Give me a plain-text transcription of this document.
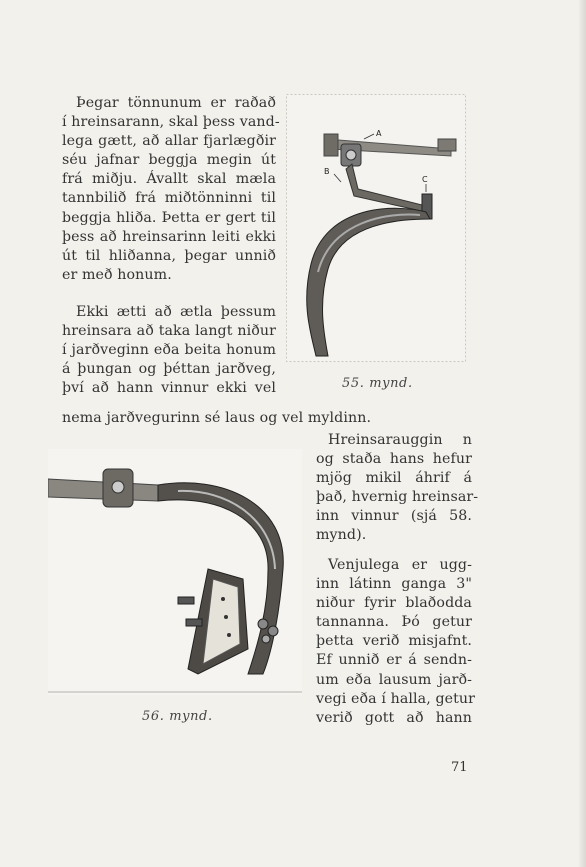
Þegar tönnunum er raðað
í hreinsarann, skal þess vand-
lega gætt, að allar fjarlægðir
séu jafnar beggja megin út
frá miðju. Ávallt skal mæla
tannbilið frá miðtönninni til
beggja hliða. Þetta er gert til
þess að hreinsarinn leiti ekki
út til hliðanna, þegar unnið
er með honum.
Ekki ætti að ætla þessum
hreinsara að taka langt niður
í jarðveginn eða beita honum
á þungan og þéttan jarðveg,
því að hann vinnur ekki vel
nema jarðvegurinn sé laus og vel myldinn.
A
B
C
55. mynd.
56. mynd.
Hreinsarauggin n
og staða hans hefur
mjög mikil áhrif á
það, hvernig hreinsar-
inn vinnur (sjá 58.
mynd).
Venjulega er ugg-
inn látinn ganga 3"
niður fyrir blaðodda
tannanna. Þó getur
þetta verið misjafnt.
Ef unnið er á sendn-
um eða lausum jarð-
vegi eða í halla, getur
verið gott að hann
71
